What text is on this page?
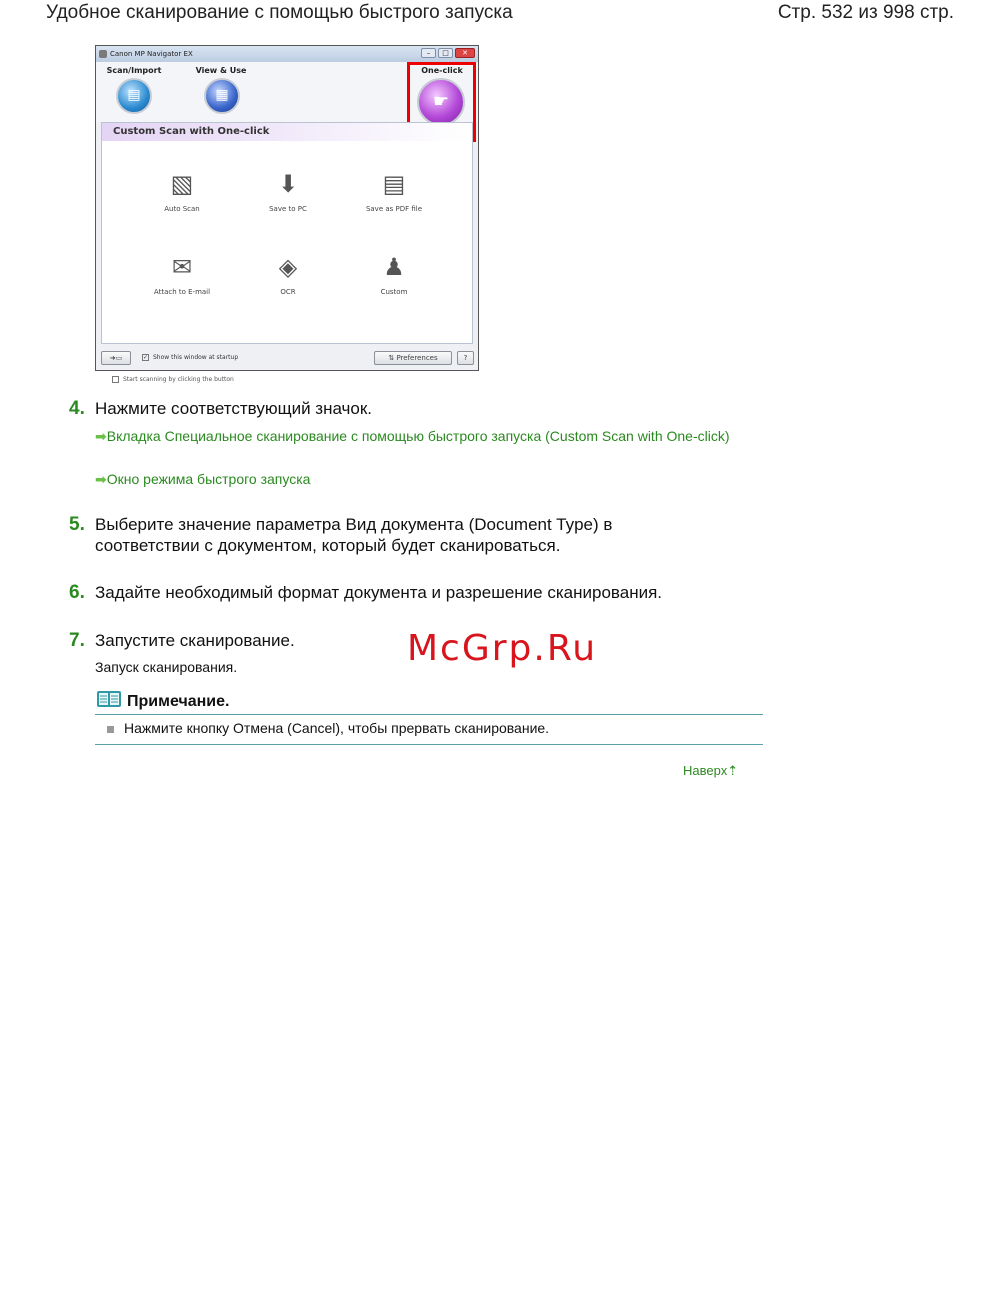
Удобное сканирование с помощью быстрого запуска	Стр. 532 из 998 стр.
Canon MP Navigator EX	–	□	✕
Scan/Import	View & Use	One-click
▤	▦	☛
Custom Scan with One-click
▧
Auto Scan
⬇
Save to PC
▤
Save as PDF file
✉
Attach to E-mail
◈
OCR
♟
Custom
Start scanning by clicking the button
➜▭	✓ Show this window at startup	⇅ Preferences	?
4. Нажмите соответствующий значок.
➡Вкладка Специальное сканирование с помощью быстрого запуска (Custom Scan with One-click)
➡Окно режима быстрого запуска
5. Выберите значение параметра Вид документа (Document Type) в соответствии с документом, который будет сканироваться.
6. Задайте необходимый формат документа и разрешение сканирования.
7. Запустите сканирование.
Запуск сканирования.	McGrp.Ru
Примечание.
Нажмите кнопку Отмена (Cancel), чтобы прервать сканирование.
Наверх⇡
